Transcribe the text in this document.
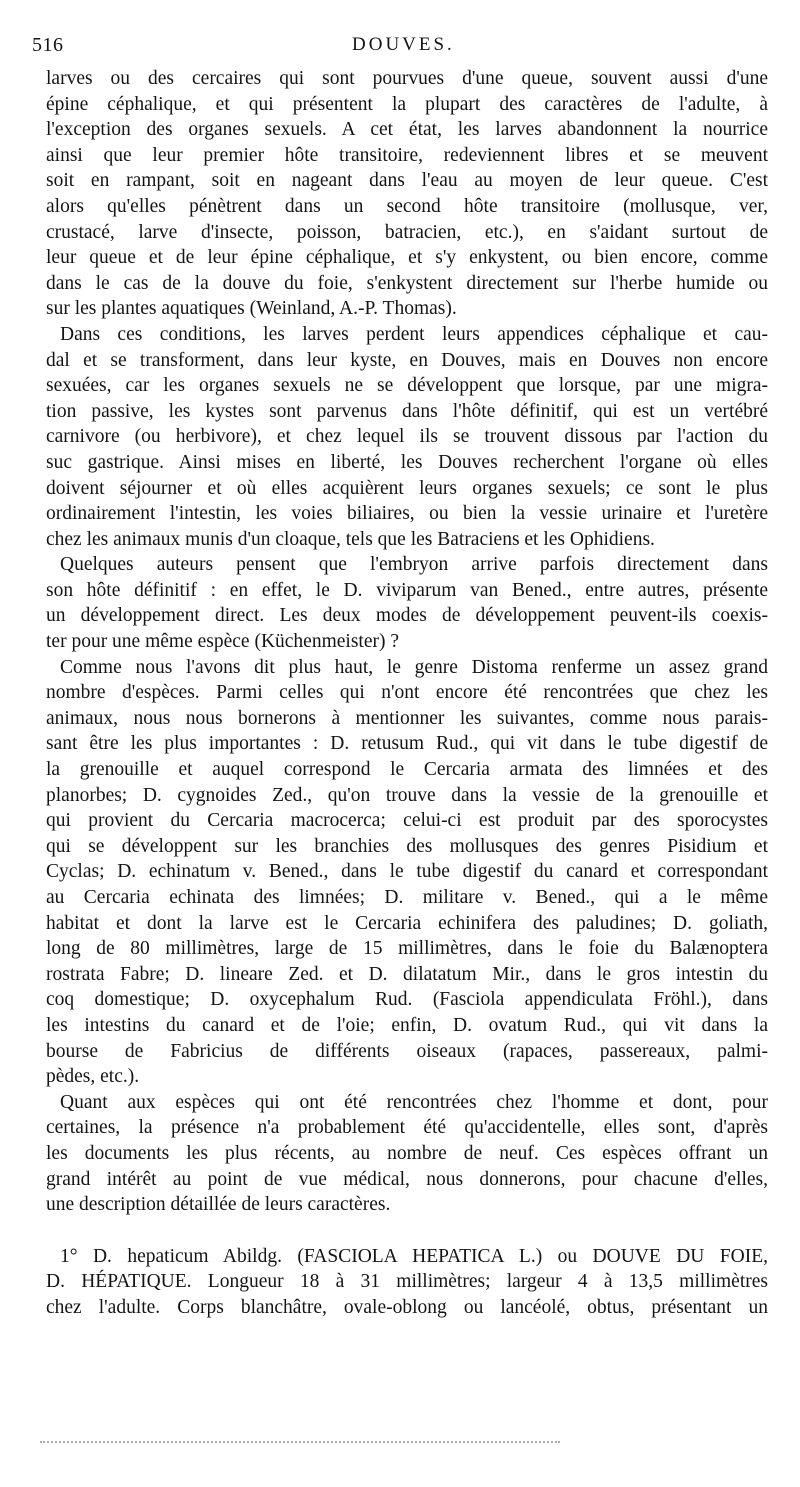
516	DOUVES.
larves ou des cercaires qui sont pourvues d'une queue, souvent aussi d'une
épine céphalique, et qui présentent la plupart des caractères de l'adulte, à
l'exception des organes sexuels. A cet état, les larves abandonnent la nourrice
ainsi que leur premier hôte transitoire, redeviennent libres et se meuvent
soit en rampant, soit en nageant dans l'eau au moyen de leur queue. C'est
alors qu'elles pénètrent dans un second hôte transitoire (mollusque, ver,
crustacé, larve d'insecte, poisson, batracien, etc.), en s'aidant surtout de
leur queue et de leur épine céphalique, et s'y enkystent, ou bien encore, comme
dans le cas de la douve du foie, s'enkystent directement sur l'herbe humide ou
sur les plantes aquatiques (Weinland, A.-P. Thomas).
Dans ces conditions, les larves perdent leurs appendices céphalique et cau-
dal et se transforment, dans leur kyste, en Douves, mais en Douves non encore
sexuées, car les organes sexuels ne se développent que lorsque, par une migra-
tion passive, les kystes sont parvenus dans l'hôte définitif, qui est un vertébré
carnivore (ou herbivore), et chez lequel ils se trouvent dissous par l'action du
suc gastrique. Ainsi mises en liberté, les Douves recherchent l'organe où elles
doivent séjourner et où elles acquièrent leurs organes sexuels; ce sont le plus
ordinairement l'intestin, les voies biliaires, ou bien la vessie urinaire et l'uretère
chez les animaux munis d'un cloaque, tels que les Batraciens et les Ophidiens.
Quelques auteurs pensent que l'embryon arrive parfois directement dans
son hôte définitif : en effet, le D. viviparum van Bened., entre autres, présente
un développement direct. Les deux modes de développement peuvent-ils coexis-
ter pour une même espèce (Küchenmeister) ?
Comme nous l'avons dit plus haut, le genre Distoma renferme un assez grand
nombre d'espèces. Parmi celles qui n'ont encore été rencontrées que chez les
animaux, nous nous bornerons à mentionner les suivantes, comme nous parais-
sant être les plus importantes : D. retusum Rud., qui vit dans le tube digestif de
la grenouille et auquel correspond le Cercaria armata des limnées et des
planorbes; D. cygnoides Zed., qu'on trouve dans la vessie de la grenouille et
qui provient du Cercaria macrocerca; celui-ci est produit par des sporocystes
qui se développent sur les branchies des mollusques des genres Pisidium et
Cyclas; D. echinatum v. Bened., dans le tube digestif du canard et correspondant
au Cercaria echinata des limnées; D. militare v. Bened., qui a le même
habitat et dont la larve est le Cercaria echinifera des paludines; D. goliath,
long de 80 millimètres, large de 15 millimètres, dans le foie du Balænoptera
rostrata Fabre; D. lineare Zed. et D. dilatatum Mir., dans le gros intestin du
coq domestique; D. oxycephalum Rud. (Fasciola appendiculata Fröhl.), dans
les intestins du canard et de l'oie; enfin, D. ovatum Rud., qui vit dans la
bourse de Fabricius de différents oiseaux (rapaces, passereaux, palmi-
pèdes, etc.).
Quant aux espèces qui ont été rencontrées chez l'homme et dont, pour
certaines, la présence n'a probablement été qu'accidentelle, elles sont, d'après
les documents les plus récents, au nombre de neuf. Ces espèces offrant un
grand intérêt au point de vue médical, nous donnerons, pour chacune d'elles,
une description détaillée de leurs caractères.
1° D. hepaticum Abildg. (FASCIOLA HEPATICA L.) ou DOUVE DU FOIE,
D. HÉPATIQUE. Longueur 18 à 31 millimètres; largeur 4 à 13,5 millimètres
chez l'adulte. Corps blanchâtre, ovale-oblong ou lancéolé, obtus, présentant un
